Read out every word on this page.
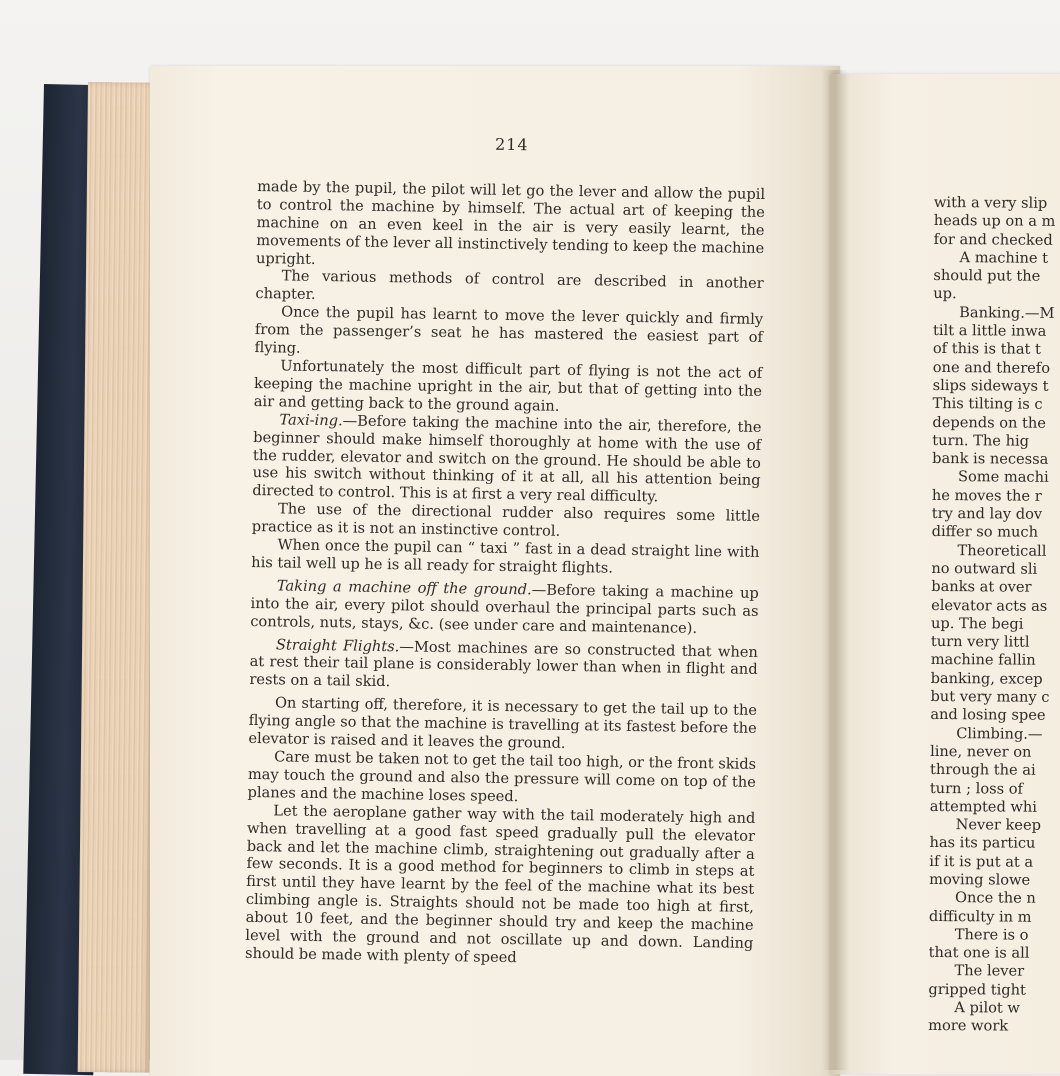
214

made by the pupil, the pilot will let go the lever and allow the pupil to control the machine by himself. The actual art of keeping the machine on an even keel in the air is very easily learnt, the movements of the lever all instinctively tending to keep the machine upright.

The various methods of control are described in another chapter.

Once the pupil has learnt to move the lever quickly and firmly from the passenger’s seat he has mastered the easiest part of flying.

Unfortunately the most difficult part of flying is not the act of keeping the machine upright in the air, but that of getting into the air and getting back to the ground again.

Taxi-ing.—Before taking the machine into the air, therefore, the beginner should make himself thoroughly at home with the use of the rudder, elevator and switch on the ground. He should be able to use his switch without thinking of it at all, all his attention being directed to control. This is at first a very real difficulty.

The use of the directional rudder also requires some little practice as it is not an instinctive control.

When once the pupil can “ taxi ” fast in a dead straight line with his tail well up he is all ready for straight flights.

Taking a machine off the ground.—Before taking a machine up into the air, every pilot should overhaul the principal parts such as controls, nuts, stays, &c. (see under care and maintenance).

Straight Flights.—Most machines are so constructed that when at rest their tail plane is considerably lower than when in flight and rests on a tail skid.

On starting off, therefore, it is necessary to get the tail up to the flying angle so that the machine is travelling at its fastest before the elevator is raised and it leaves the ground.

Care must be taken not to get the tail too high, or the front skids may touch the ground and also the pressure will come on top of the planes and the machine loses speed.

Let the aeroplane gather way with the tail moderately high and when travelling at a good fast speed gradually pull the elevator back and let the machine climb, straightening out gradually after a few seconds. It is a good method for beginners to climb in steps at first until they have learnt by the feel of the machine what its best climbing angle is. Straights should not be made too high at first, about 10 feet, and the beginner should try and keep the machine level with the ground and not oscillate up and down. Landing should be made with plenty of speed

with a very slip
heads up on a m
for and checked
A machine t
should put the
up.
Banking.—M
tilt a little inwa
of this is that t
one and therefo
slips sideways t
This tilting is c
depends on the
turn. The hig
bank is necessa
Some machi
he moves the r
try and lay dov
differ so much
Theoreticall
no outward sli
banks at over
elevator acts as
up. The begi
turn very littl
machine fallin
banking, excep
but very many c
and losing spee
Climbing.—
line, never on
through the ai
turn ; loss of
attempted whi
Never keep
has its particu
if it is put at a
moving slowe
Once the n
difficulty in m
There is o
that one is all
The lever
gripped tight
A pilot w
more work
